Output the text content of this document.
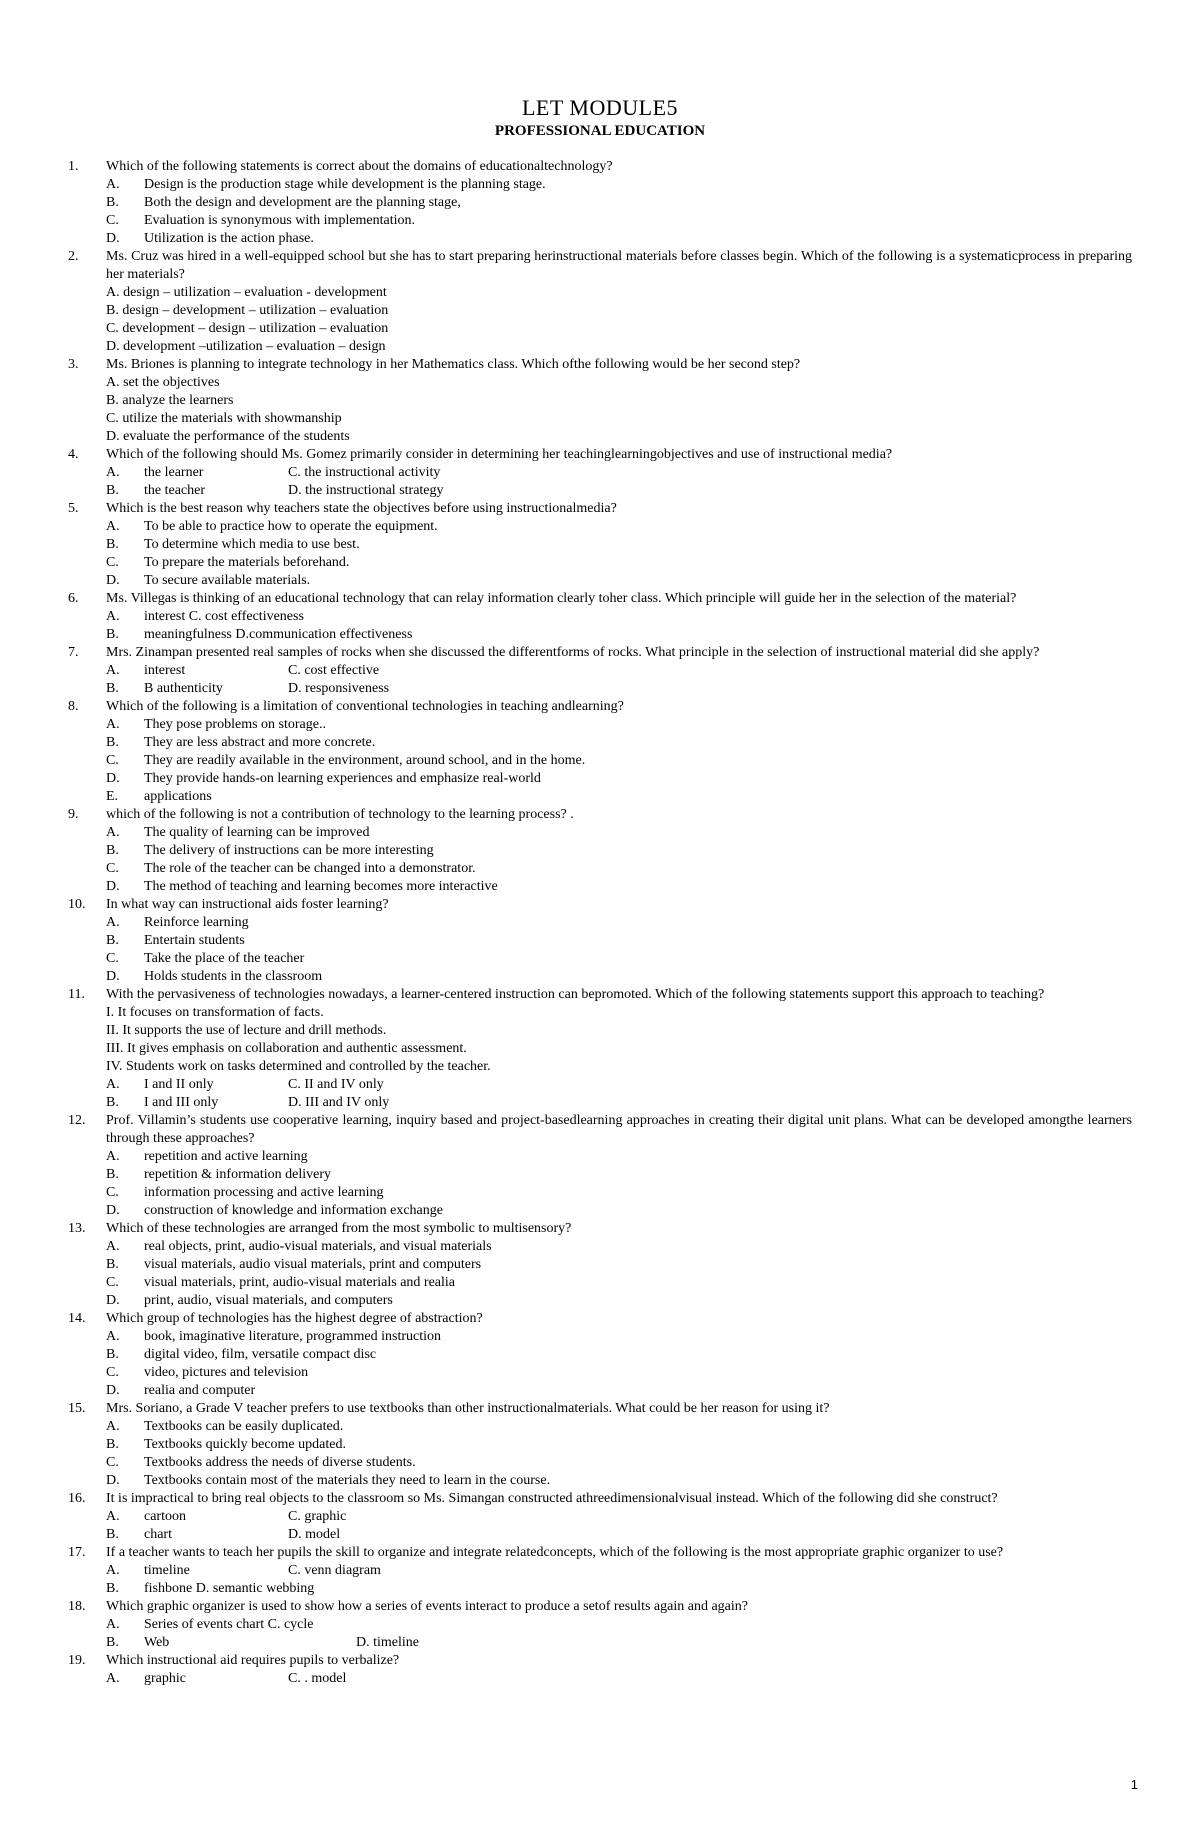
LET MODULE5
PROFESSIONAL EDUCATION
1.	Which of the following statements is correct about the domains of educationaltechnology?
A. Design is the production stage while development is the planning stage.
B. Both the design and development are the planning stage,
C. Evaluation is synonymous with implementation.
D. Utilization is the action phase.
2.	Ms. Cruz was hired in a well-equipped school but she has to start preparing herinstructional materials before classes begin. Which of the following is a systematicprocess in preparing her materials?
A. design – utilization – evaluation - development
B. design – development – utilization – evaluation
C. development – design – utilization – evaluation
D. development –utilization – evaluation – design
3.	Ms. Briones is planning to integrate technology in her Mathematics class. Which ofthe following would be her second step?
A. set the objectives
B. analyze the learners
C. utilize the materials with showmanship
D. evaluate the performance of the students
4.	Which of the following should Ms. Gomez primarily consider in determining her teachinglearningobjectives and use of instructional media?
A. the learner	C. the instructional activity
B. the teacher	D. the instructional strategy
5.	Which is the best reason why teachers state the objectives before using instructionalmedia?
A. To be able to practice how to operate the equipment.
B. To determine which media to use best.
C. To prepare the materials beforehand.
D. To secure available materials.
6.	Ms. Villegas is thinking of an educational technology that can relay information clearly toher class. Which principle will guide her in the selection of the material?
A. interest C. cost effectiveness
B. meaningfulness D.communication effectiveness
7.	Mrs. Zinampan presented real samples of rocks when she discussed the differentforms of rocks. What principle in the selection of instructional material did she apply?
A. interest	C. cost effective
B. B authenticity	D. responsiveness
8.	Which of the following is a limitation of conventional technologies in teaching andlearning?
A. They pose problems on storage..
B. They are less abstract and more concrete.
C. They are readily available in the environment, around school, and in the home.
D. They provide hands-on learning experiences and emphasize real-world
E. applications
9.	which of the following is not a contribution of technology to the learning process? .
A. The quality of learning can be improved
B. The delivery of instructions can be more interesting
C. The role of the teacher can be changed into a demonstrator.
D. The method of teaching and learning becomes more interactive
10.	In what way can instructional aids foster learning?
A. Reinforce learning
B. Entertain students
C. Take the place of the teacher
D. Holds students in the classroom
11.	With the pervasiveness of technologies nowadays, a learner-centered instruction can bepromoted. Which of the following statements support this approach to teaching?
I. It focuses on transformation of facts.
II. It supports the use of lecture and drill methods.
III. It gives emphasis on collaboration and authentic assessment.
IV. Students work on tasks determined and controlled by the teacher.
A. I and II only	C. II and IV only
B. I and III only	D. III and IV only
12.	Prof. Villamin’s students use cooperative learning, inquiry based and project-basedlearning approaches in creating their digital unit plans. What can be developed amongthe learners through these approaches?
A. repetition and active learning
B. repetition & information delivery
C. information processing and active learning
D. construction of knowledge and information exchange
13.	Which of these technologies are arranged from the most symbolic to multisensory?
A. real objects, print, audio-visual materials, and visual materials
B. visual materials, audio visual materials, print and computers
C. visual materials, print, audio-visual materials and realia
D. print, audio, visual materials, and computers
14.	Which group of technologies has the highest degree of abstraction?
A. book, imaginative literature, programmed instruction
B. digital video, film, versatile compact disc
C. video, pictures and television
D. realia and computer
15.	Mrs. Soriano, a Grade V teacher prefers to use textbooks than other instructionalmaterials. What could be her reason for using it?
A. Textbooks can be easily duplicated.
B. Textbooks quickly become updated.
C. Textbooks address the needs of diverse students.
D. Textbooks contain most of the materials they need to learn in the course.
16.	It is impractical to bring real objects to the classroom so Ms. Simangan constructed athreedimensionalvisual instead. Which of the following did she construct?
A. cartoon	C. graphic
B. chart	D. model
17.	If a teacher wants to teach her pupils the skill to organize and integrate relatedconcepts, which of the following is the most appropriate graphic organizer to use?
A. timeline	C. venn diagram
B. fishbone D. semantic webbing
18.	Which graphic organizer is used to show how a series of events interact to produce a setof results again and again?
A. Series of events chart C. cycle
B. Web	D. timeline
19.	Which instructional aid requires pupils to verbalize?
A. graphic	C. . model
1
